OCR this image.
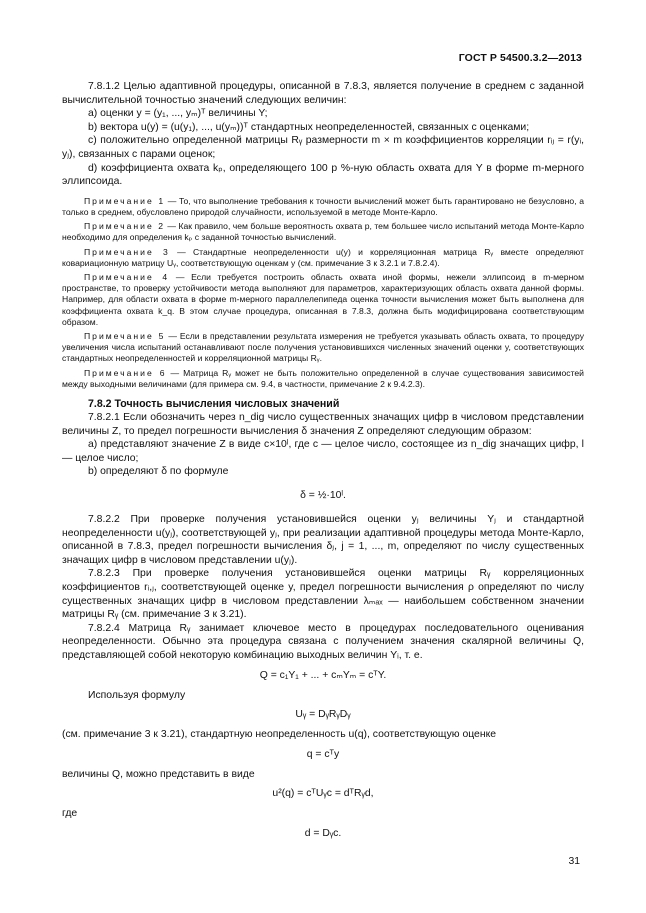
ГОСТ Р 54500.3.2—2013

7.8.1.2 Целью адаптивной процедуры, описанной в 7.8.3, является получение в среднем с заданной вычислительной точностью значений следующих величин:

a) оценки y = (y₁, ..., yₘ)ᵀ величины Y;

b) вектора u(y) = (u(y₁), ..., u(yₘ))ᵀ стандартных неопределенностей, связанных с оценками;

c) положительно определенной матрицы Rᵧ размерности m × m коэффициентов корреляции rᵢⱼ = r(yᵢ, yⱼ), связанных с парами оценок;

d) коэффициента охвата kₚ, определяющего 100 p %-ную область охвата для Y в форме m-мерного эллипсоида.

Примечание 1 — То, что выполнение требования к точности вычислений может быть гарантировано не безусловно, а только в среднем, обусловлено природой случайности, используемой в методе Монте-Карло.

Примечание 2 — Как правило, чем больше вероятность охвата p, тем большее число испытаний метода Монте-Карло необходимо для определения kₚ с заданной точностью вычислений.

Примечание 3 — Стандартные неопределенности u(y) и корреляционная матрица Rᵧ вместе определяют ковариационную матрицу Uᵧ, соответствующую оценкам y (см. примечание 3 к 3.2.1 и 7.8.2.4).

Примечание 4 — Если требуется построить область охвата иной формы, нежели эллипсоид в m-мерном пространстве, то проверку устойчивости метода выполняют для параметров, характеризующих область охвата данной формы. Например, для области охвата в форме m-мерного параллелепипеда оценка точности вычисления может быть выполнена для коэффициента охвата k_q. В этом случае процедура, описанная в 7.8.3, должна быть модифицирована соответствующим образом.

Примечание 5 — Если в представлении результата измерения не требуется указывать область охвата, то процедуру увеличения числа испытаний останавливают после получения установившихся численных значений оценки y, соответствующих стандартных неопределенностей и корреляционной матрицы Rᵧ.

Примечание 6 — Матрица Rᵧ может не быть положительно определенной в случае существования зависимостей между выходными величинами (для примера см. 9.4, в частности, примечание 2 к 9.4.2.3).

7.8.2 Точность вычисления числовых значений

7.8.2.1 Если обозначить через n_dig число существенных значащих цифр в числовом представлении величины Z, то предел погрешности вычисления δ значения Z определяют следующим образом:

a) представляют значение Z в виде c×10ˡ, где c — целое число, состоящее из n_dig значащих цифр, l — целое число;

b) определяют δ по формуле

δ = ½·10ˡ.

7.8.2.2 При проверке получения установившейся оценки yⱼ величины Yⱼ и стандартной неопределенности u(yⱼ), соответствующей yⱼ, при реализации адаптивной процедуры метода Монте-Карло, описанной в 7.8.3, предел погрешности вычисления δⱼ, j = 1, ..., m, определяют по числу существенных значащих цифр в числовом представлении u(yⱼ).

7.8.2.3 При проверке получения установившейся оценки матрицы Rᵧ корреляционных коэффициентов rᵢ,ⱼ, соответствующей оценке y, предел погрешности вычисления ρ определяют по числу существенных значащих цифр в числовом представлении λₘₐₓ — наибольшем собственном значении матрицы Rᵧ (см. примечание 3 к 3.21).

7.8.2.4 Матрица Rᵧ занимает ключевое место в процедурах последовательного оценивания неопределенности. Обычно эта процедура связана с получением значения скалярной величины Q, представляющей собой некоторую комбинацию выходных величин Yᵢ, т. е.

Q = c₁Y₁ + ... + cₘYₘ = cᵀY.

Используя формулу

Uᵧ = DᵧRᵧDᵧ

(см. примечание 3 к 3.21), стандартную неопределенность u(q), соответствующую оценке

q = cᵀy

величины Q, можно представить в виде

u²(q) = cᵀUᵧc = dᵀRᵧd,

где

d = Dᵧc.

31
